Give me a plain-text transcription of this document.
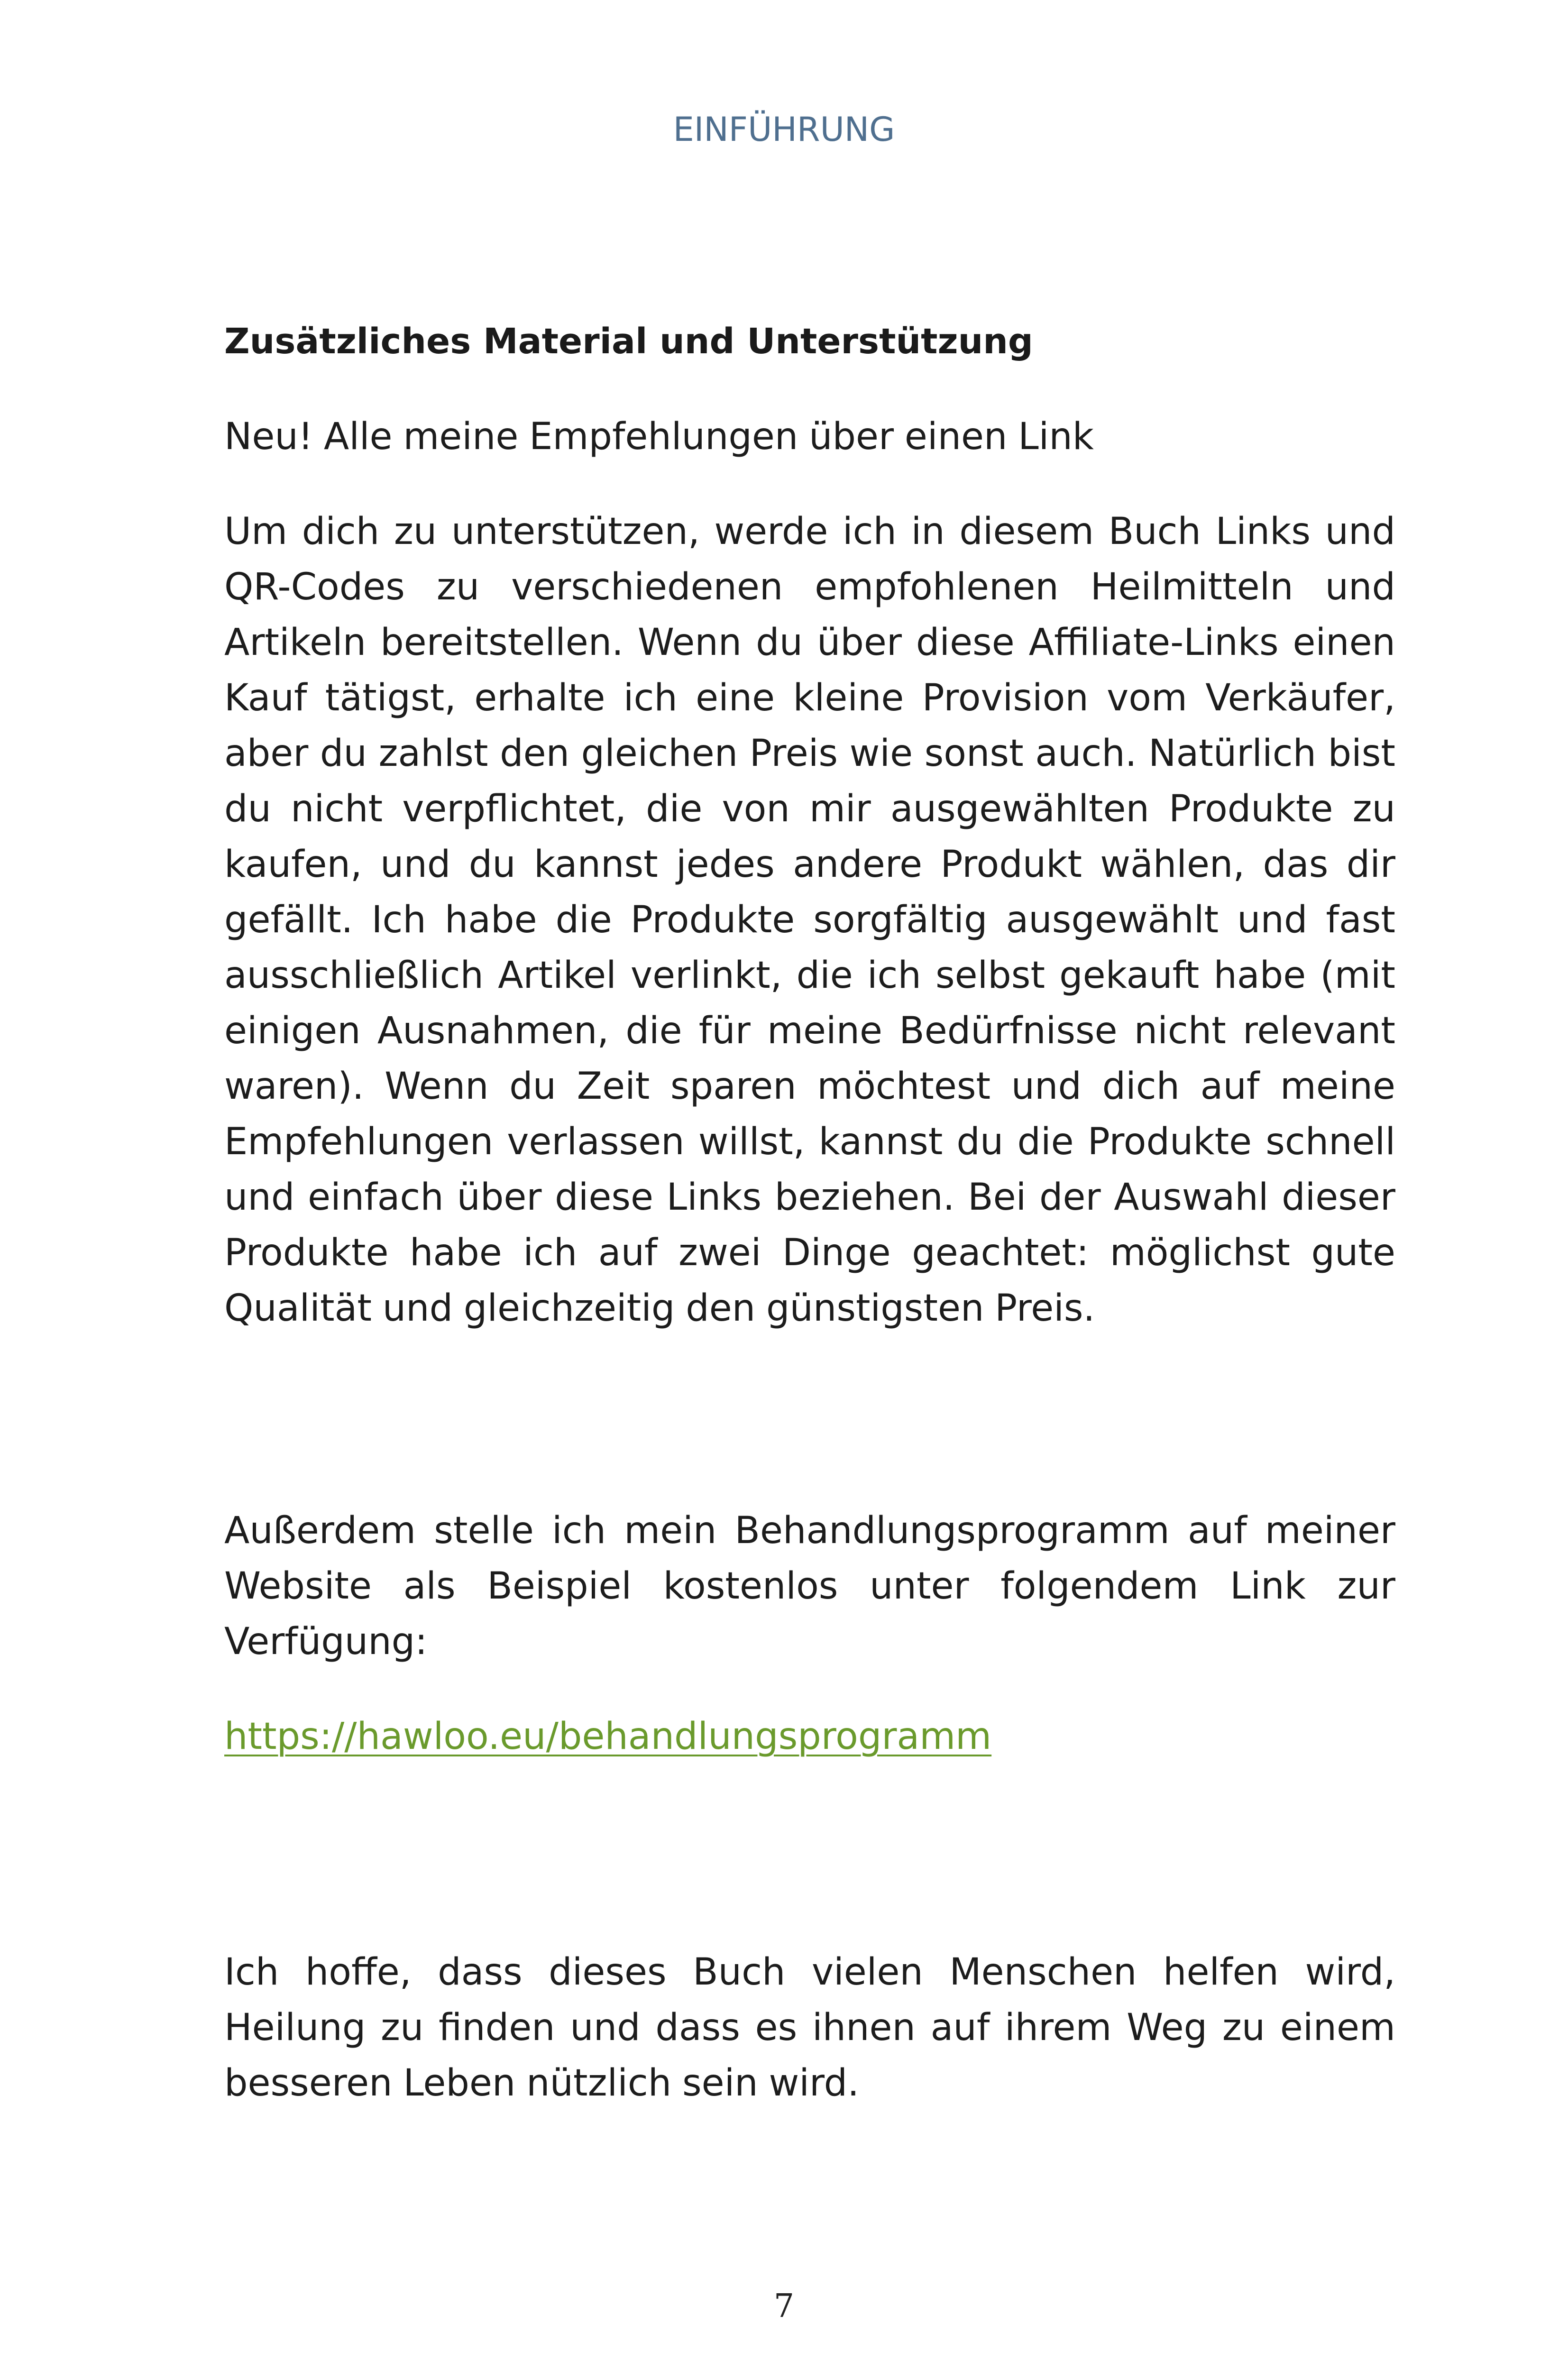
EINFÜHRUNG
Zusätzliches Material und Unterstützung

Neu! Alle meine Empfehlungen über einen Link

Um dich zu unterstützen, werde ich in diesem Buch Links und QR-Codes zu verschiedenen empfohlenen Heilmitteln und Artikeln bereitstellen. Wenn du über diese Affiliate-Links einen Kauf tätigst, erhalte ich eine kleine Provision vom Verkäufer, aber du zahlst den gleichen Preis wie sonst auch. Natürlich bist du nicht verpflichtet, die von mir ausgewählten Produkte zu kaufen, und du kannst jedes andere Produkt wählen, das dir gefällt. Ich habe die Produkte sorgfältig ausgewählt und fast ausschließlich Artikel verlinkt, die ich selbst gekauft habe (mit einigen Ausnahmen, die für meine Bedürfnisse nicht relevant waren). Wenn du Zeit sparen möchtest und dich auf meine Empfehlungen verlassen willst, kannst du die Produkte schnell und einfach über diese Links beziehen. Bei der Auswahl dieser Produkte habe ich auf zwei Dinge geachtet: möglichst gute Qualität und gleichzeitig den günstigsten Preis.

Außerdem stelle ich mein Behandlungsprogramm auf meiner Website als Beispiel kostenlos unter folgendem Link zur Verfügung:

https://hawloo.eu/behandlungsprogramm

Ich hoffe, dass dieses Buch vielen Menschen helfen wird, Heilung zu finden und dass es ihnen auf ihrem Weg zu einem besseren Leben nützlich sein wird.

7
